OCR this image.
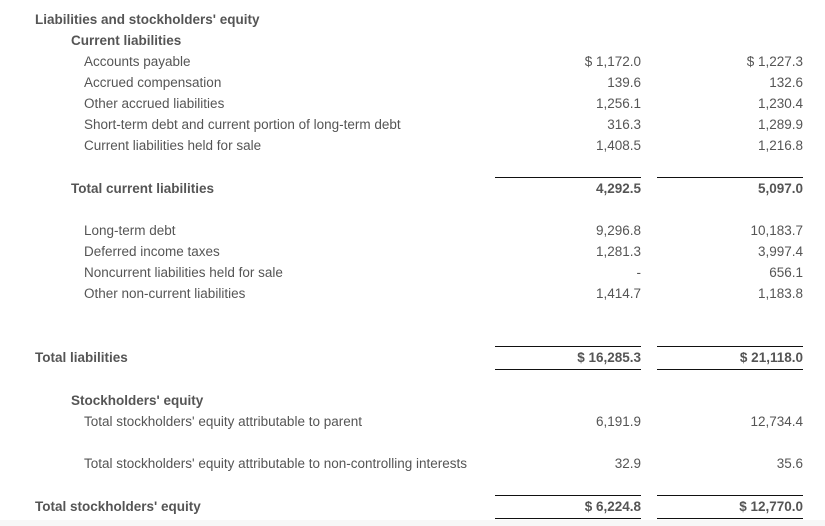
Liabilities and stockholders' equity
Current liabilities
Accounts payable	$ 1,172.0	$ 1,227.3
Accrued compensation	139.6	132.6
Other accrued liabilities	1,256.1	1,230.4
Short-term debt and current portion of long-term debt	316.3	1,289.9
Current liabilities held for sale	1,408.5	1,216.8
Total current liabilities	4,292.5	5,097.0
Long-term debt	9,296.8	10,183.7
Deferred income taxes	1,281.3	3,997.4
Noncurrent liabilities held for sale	-	656.1
Other non-current liabilities	1,414.7	1,183.8
Total liabilities	$ 16,285.3	$ 21,118.0
Stockholders' equity
Total stockholders' equity attributable to parent	6,191.9	12,734.4
Total stockholders' equity attributable to non-controlling interests	32.9	35.6
Total stockholders' equity	$ 6,224.8	$ 12,770.0
